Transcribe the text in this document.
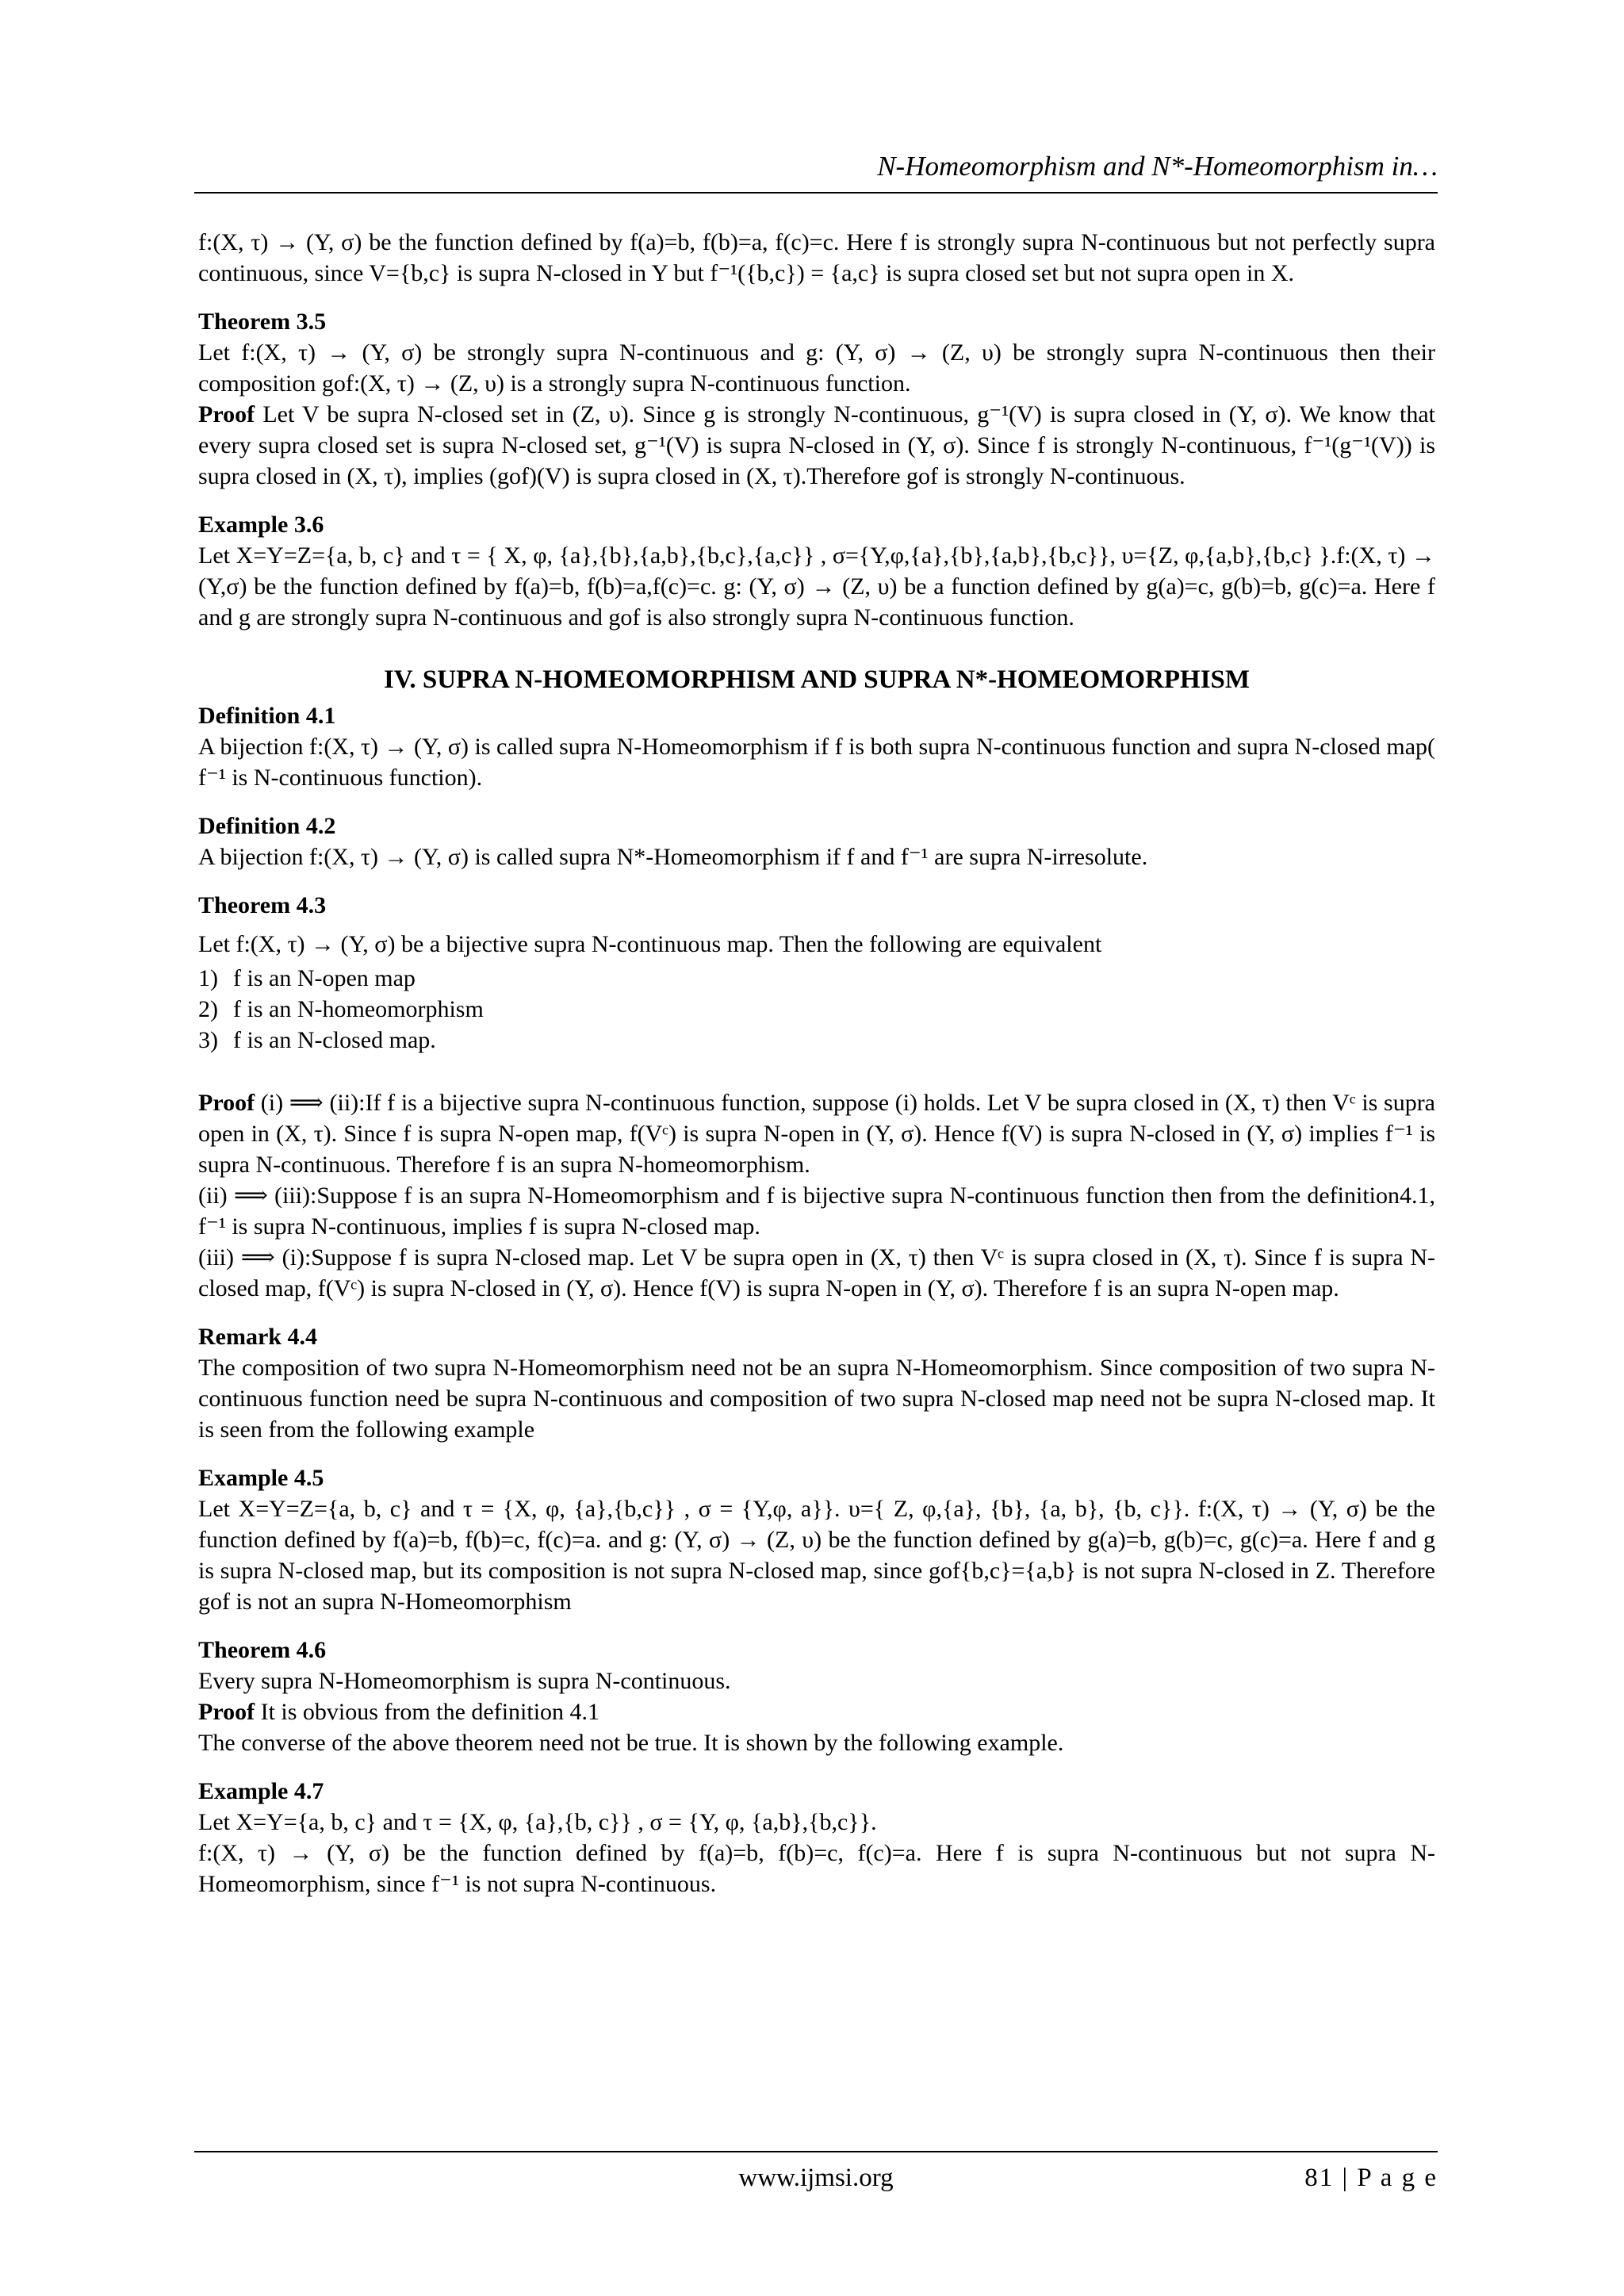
N-Homeomorphism and N*-Homeomorphism in…

f:(X, τ) → (Y, σ) be the function defined by f(a)=b, f(b)=a, f(c)=c. Here f is strongly supra N-continuous but not perfectly supra continuous, since V={b,c} is supra N-closed in Y but f⁻¹({b,c}) = {a,c} is supra closed set but not supra open in X.

Theorem 3.5

Let f:(X, τ) → (Y, σ) be strongly supra N-continuous and g: (Y, σ) → (Z, υ) be strongly supra N-continuous then their composition gof:(X, τ) → (Z, υ) is a strongly supra N-continuous function.

Proof Let V be supra N-closed set in (Z, υ). Since g is strongly N-continuous, g⁻¹(V) is supra closed in (Y, σ). We know that every supra closed set is supra N-closed set, g⁻¹(V) is supra N-closed in (Y, σ). Since f is strongly N-continuous, f⁻¹(g⁻¹(V)) is supra closed in (X, τ), implies (gof)(V) is supra closed in (X, τ).Therefore gof is strongly N-continuous.

Example 3.6

Let X=Y=Z={a, b, c} and τ = { X, φ, {a},{b},{a,b},{b,c},{a,c}} , σ={Y,φ,{a},{b},{a,b},{b,c}}, υ={Z, φ,{a,b},{b,c} }.f:(X, τ) → (Y,σ) be the function defined by f(a)=b, f(b)=a,f(c)=c. g: (Y, σ) → (Z, υ) be a function defined by g(a)=c, g(b)=b, g(c)=a. Here f and g are strongly supra N-continuous and gof is also strongly supra N-continuous function.

IV. SUPRA N-HOMEOMORPHISM AND SUPRA N*-HOMEOMORPHISM

Definition 4.1

A bijection f:(X, τ) → (Y, σ) is called supra N-Homeomorphism if f is both supra N-continuous function and supra N-closed map( f⁻¹ is N-continuous function).

Definition 4.2

A bijection f:(X, τ) → (Y, σ) is called supra N*-Homeomorphism if f and f⁻¹ are supra N-irresolute.

Theorem 4.3

Let f:(X, τ) → (Y, σ) be a bijective supra N-continuous map. Then the following are equivalent

1) f is an N-open map
2) f is an N-homeomorphism
3) f is an N-closed map.

Proof (i) ⟹ (ii):If f is a bijective supra N-continuous function, suppose (i) holds. Let V be supra closed in (X, τ) then Vᶜ is supra open in (X, τ). Since f is supra N-open map, f(Vᶜ) is supra N-open in (Y, σ). Hence f(V) is supra N-closed in (Y, σ) implies f⁻¹ is supra N-continuous. Therefore f is an supra N-homeomorphism.

(ii) ⟹ (iii):Suppose f is an supra N-Homeomorphism and f is bijective supra N-continuous function then from the definition4.1, f⁻¹ is supra N-continuous, implies f is supra N-closed map.

(iii) ⟹ (i):Suppose f is supra N-closed map. Let V be supra open in (X, τ) then Vᶜ is supra closed in (X, τ). Since f is supra N-closed map, f(Vᶜ) is supra N-closed in (Y, σ). Hence f(V) is supra N-open in (Y, σ). Therefore f is an supra N-open map.

Remark 4.4

The composition of two supra N-Homeomorphism need not be an supra N-Homeomorphism. Since composition of two supra N-continuous function need be supra N-continuous and composition of two supra N-closed map need not be supra N-closed map. It is seen from the following example

Example 4.5

Let X=Y=Z={a, b, c} and τ = {X, φ, {a},{b,c}} , σ = {Y,φ, a}}. υ={ Z, φ,{a}, {b}, {a, b}, {b, c}}. f:(X, τ) → (Y, σ) be the function defined by f(a)=b, f(b)=c, f(c)=a. and g: (Y, σ) → (Z, υ) be the function defined by g(a)=b, g(b)=c, g(c)=a. Here f and g is supra N-closed map, but its composition is not supra N-closed map, since gof{b,c}={a,b} is not supra N-closed in Z. Therefore gof is not an supra N-Homeomorphism

Theorem 4.6

Every supra N-Homeomorphism is supra N-continuous.

Proof It is obvious from the definition 4.1

The converse of the above theorem need not be true. It is shown by the following example.

Example 4.7

Let X=Y={a, b, c} and τ = {X, φ, {a},{b, c}} , σ = {Y, φ, {a,b},{b,c}}.

f:(X, τ) → (Y, σ) be the function defined by f(a)=b, f(b)=c, f(c)=a. Here f is supra N-continuous but not supra N-Homeomorphism, since f⁻¹ is not supra N-continuous.

www.ijmsi.org	81 | P a g e
